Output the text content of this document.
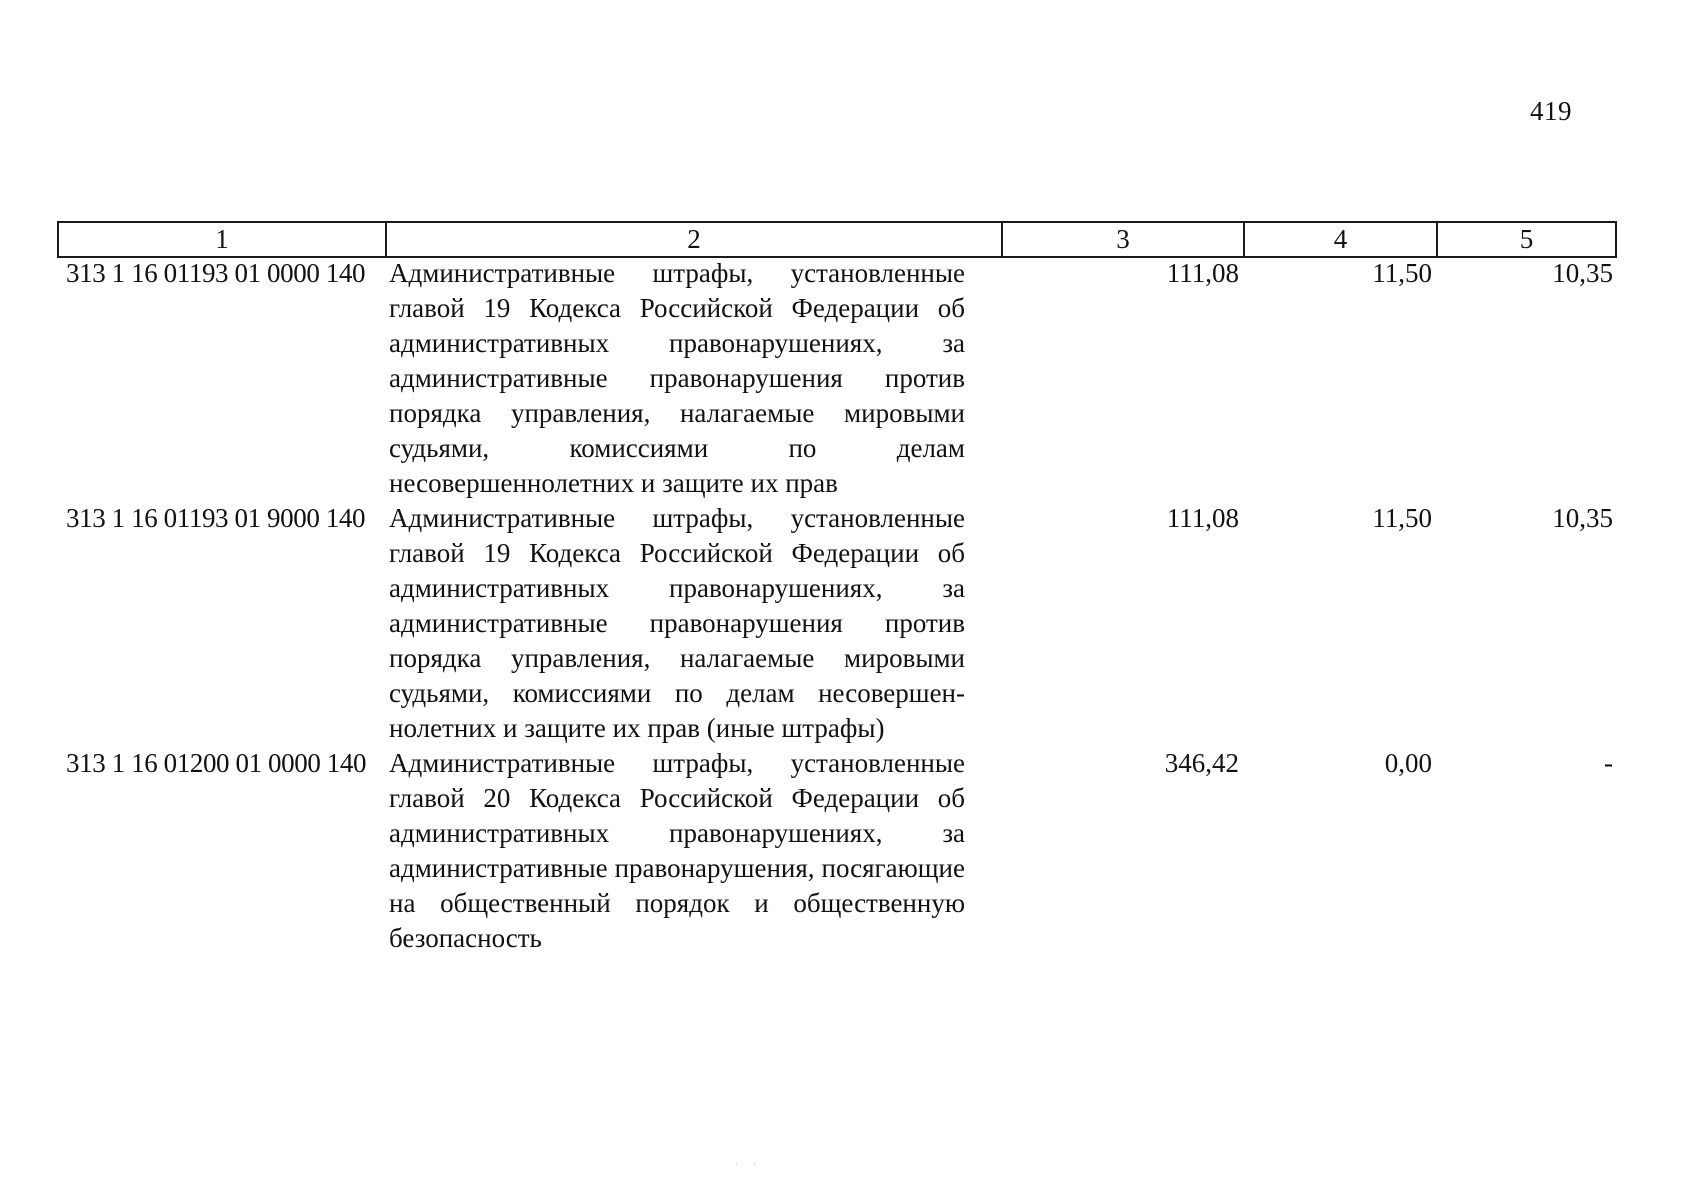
419
1	2	3	4	5
313 1 16 01193 01 0000 140	Административные штрафы, установленные главой 19 Кодекса Российской Федерации об административных правонарушениях, за административные правонарушения против порядка управления, налагаемые мировыми судьями, комиссиями по делам несовершеннолетних и защите их прав	111,08	11,50	10,35
313 1 16 01193 01 9000 140	Административные штрафы, установленные главой 19 Кодекса Российской Федерации об административных правонарушениях, за административные правонарушения против порядка управления, налагаемые мировыми судьями, комиссиями по делам несовершеннолетних и защите их прав (иные штрафы)	111,08	11,50	10,35
313 1 16 01200 01 0000 140	Административные штрафы, установленные главой 20 Кодекса Российской Федерации об административных правонарушениях, за административные правонарушения, посягающие на общественный порядок и общественную безопасность	346,42	0,00	-
· ·
